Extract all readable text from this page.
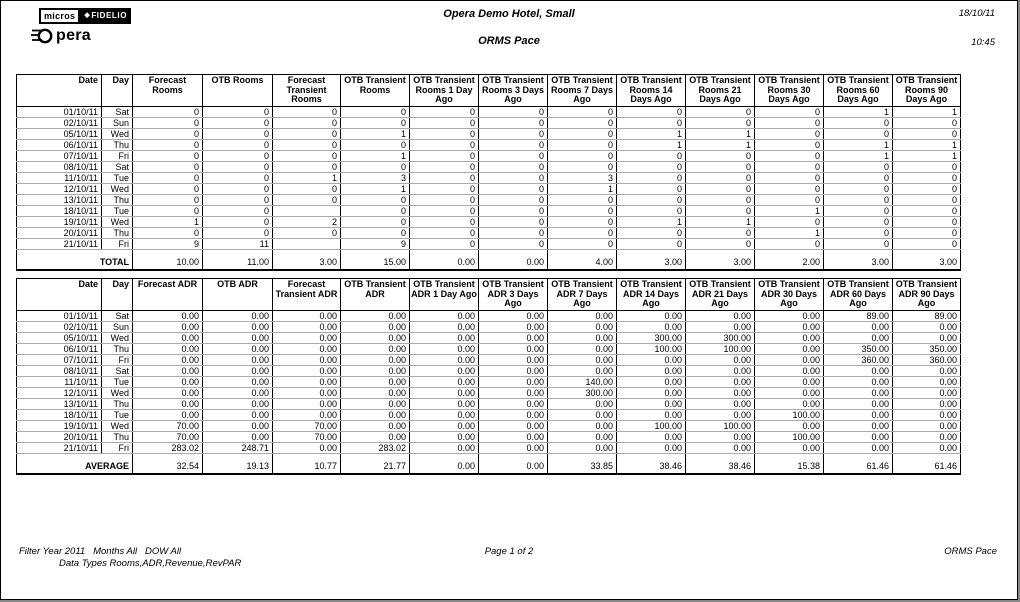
micros	◆ FIDELIO
pera
Opera Demo Hotel, Small
ORMS Pace
18/10/11
10:45
Date	Day	Forecast Rooms	OTB Rooms	Forecast Transient Rooms	OTB Transient Rooms	OTB Transient Rooms 1 Day Ago	OTB Transient Rooms 3 Days Ago	OTB Transient Rooms 7 Days Ago	OTB Transient Rooms 14 Days Ago	OTB Transient Rooms 21 Days Ago	OTB Transient Rooms 30 Days Ago	OTB Transient Rooms 60 Days Ago	OTB Transient Rooms 90 Days Ago
01/10/11	Sat	0	0	0	0	0	0	0	0	0	0	1	1
02/10/11	Sun	0	0	0	0	0	0	0	0	0	0	0	0
05/10/11	Wed	0	0	0	1	0	0	0	1	1	0	0	0
06/10/11	Thu	0	0	0	0	0	0	0	1	1	0	1	1
07/10/11	Fri	0	0	0	1	0	0	0	0	0	0	1	1
08/10/11	Sat	0	0	0	0	0	0	0	0	0	0	0	0
11/10/11	Tue	0	0	1	3	0	0	3	0	0	0	0	0
12/10/11	Wed	0	0	0	1	0	0	1	0	0	0	0	0
13/10/11	Thu	0	0	0	0	0	0	0	0	0	0	0	0
18/10/11	Tue	0	0		0	0	0	0	0	0	1	0	0
19/10/11	Wed	1	0	2	0	0	0	0	1	1	0	0	0
20/10/11	Thu	0	0	0	0	0	0	0	0	0	1	0	0
21/10/11	Fri	9	11		9	0	0	0	0	0	0	0	0

TOTAL		10.00	11.00	3.00	15.00	0.00	0.00	4.00	3.00	3.00	2.00	3.00	3.00
Date	Day	Forecast ADR	OTB ADR	Forecast Transient ADR	OTB Transient ADR	OTB Transient ADR 1 Day Ago	OTB Transient ADR 3 Days Ago	OTB Transient ADR 7 Days Ago	OTB Transient ADR 14 Days Ago	OTB Transient ADR 21 Days Ago	OTB Transient ADR 30 Days Ago	OTB Transient ADR 60 Days Ago	OTB Transient ADR 90 Days Ago
01/10/11	Sat	0.00	0.00	0.00	0.00	0.00	0.00	0.00	0.00	0.00	0.00	89.00	89.00
02/10/11	Sun	0.00	0.00	0.00	0.00	0.00	0.00	0.00	0.00	0.00	0.00	0.00	0.00
05/10/11	Wed	0.00	0.00	0.00	0.00	0.00	0.00	0.00	300.00	300.00	0.00	0.00	0.00
06/10/11	Thu	0.00	0.00	0.00	0.00	0.00	0.00	0.00	100.00	100.00	0.00	350.00	350.00
07/10/11	Fri	0.00	0.00	0.00	0.00	0.00	0.00	0.00	0.00	0.00	0.00	360.00	360.00
08/10/11	Sat	0.00	0.00	0.00	0.00	0.00	0.00	0.00	0.00	0.00	0.00	0.00	0.00
11/10/11	Tue	0.00	0.00	0.00	0.00	0.00	0.00	140.00	0.00	0.00	0.00	0.00	0.00
12/10/11	Wed	0.00	0.00	0.00	0.00	0.00	0.00	300.00	0.00	0.00	0.00	0.00	0.00
13/10/11	Thu	0.00	0.00	0.00	0.00	0.00	0.00	0.00	0.00	0.00	0.00	0.00	0.00
18/10/11	Tue	0.00	0.00	0.00	0.00	0.00	0.00	0.00	0.00	0.00	100.00	0.00	0.00
19/10/11	Wed	70.00	0.00	70.00	0.00	0.00	0.00	0.00	100.00	100.00	0.00	0.00	0.00
20/10/11	Thu	70.00	0.00	70.00	0.00	0.00	0.00	0.00	0.00	0.00	100.00	0.00	0.00
21/10/11	Fri	283.02	248.71	0.00	283.02	0.00	0.00	0.00	0.00	0.00	0.00	0.00	0.00

AVERAGE		32.54	19.13	10.77	21.77	0.00	0.00	33.85	38.46	38.46	15.38	61.46	61.46
Filter Year 2011   Months All   DOW All
Data Types Rooms,ADR,Revenue,RevPAR
Page 1 of 2	ORMS Pace
